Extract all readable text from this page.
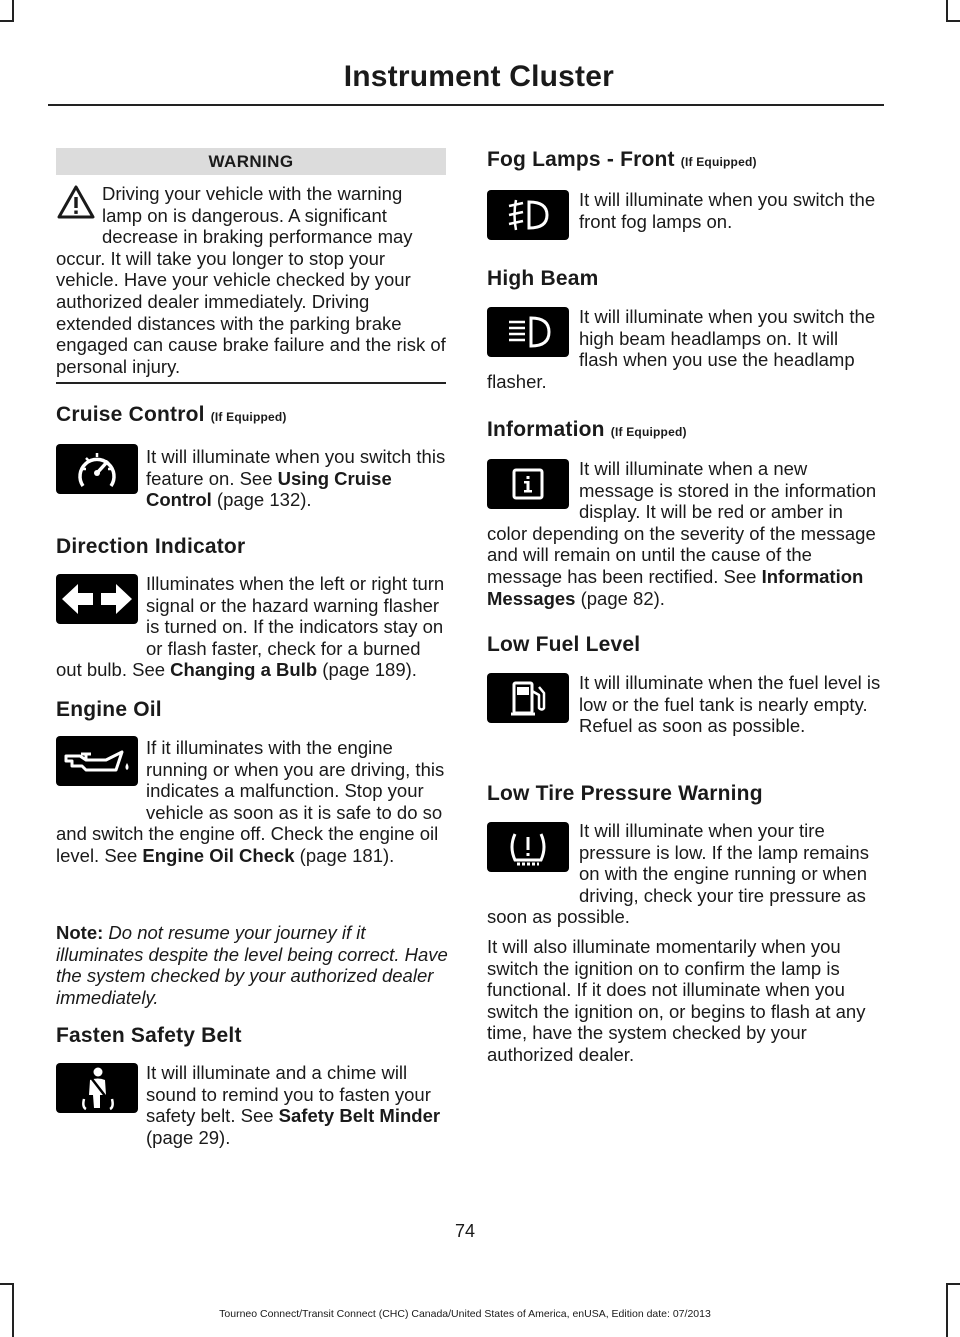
Instrument Cluster
WARNING
Driving your vehicle with the warning lamp on is dangerous. A significant decrease in braking performance may occur. It will take you longer to stop your vehicle. Have your vehicle checked by your authorized dealer immediately. Driving extended distances with the parking brake engaged can cause brake failure and the risk of personal injury.
Cruise Control (If Equipped)
It will illuminate when you switch this feature on. See Using Cruise Control (page 132).
Direction Indicator
Illuminates when the left or right turn signal or the hazard warning flasher is turned on. If the indicators stay on or flash faster, check for a burned out bulb. See Changing a Bulb (page 189).
Engine Oil
If it illuminates with the engine running or when you are driving, this indicates a malfunction. Stop your vehicle as soon as it is safe to do so and switch the engine off. Check the engine oil level. See Engine Oil Check (page 181).
Note: Do not resume your journey if it illuminates despite the level being correct. Have the system checked by your authorized dealer immediately.
Fasten Safety Belt
It will illuminate and a chime will sound to remind you to fasten your safety belt. See Safety Belt Minder (page 29).
Fog Lamps - Front (If Equipped)
It will illuminate when you switch the front fog lamps on.
High Beam
It will illuminate when you switch the high beam headlamps on. It will flash when you use the headlamp flasher.
Information (If Equipped)
It will illuminate when a new message is stored in the information display. It will be red or amber in color depending on the severity of the message and will remain on until the cause of the message has been rectified. See Information Messages (page 82).
Low Fuel Level
It will illuminate when the fuel level is low or the fuel tank is nearly empty. Refuel as soon as possible.
Low Tire Pressure Warning
It will illuminate when your tire pressure is low. If the lamp remains on with the engine running or when driving, check your tire pressure as soon as possible.
It will also illuminate momentarily when you switch the ignition on to confirm the lamp is functional. If it does not illuminate when you switch the ignition on, or begins to flash at any time, have the system checked by your authorized dealer.
74
Tourneo Connect/Transit Connect (CHC) Canada/United States of America, enUSA, Edition date: 07/2013
